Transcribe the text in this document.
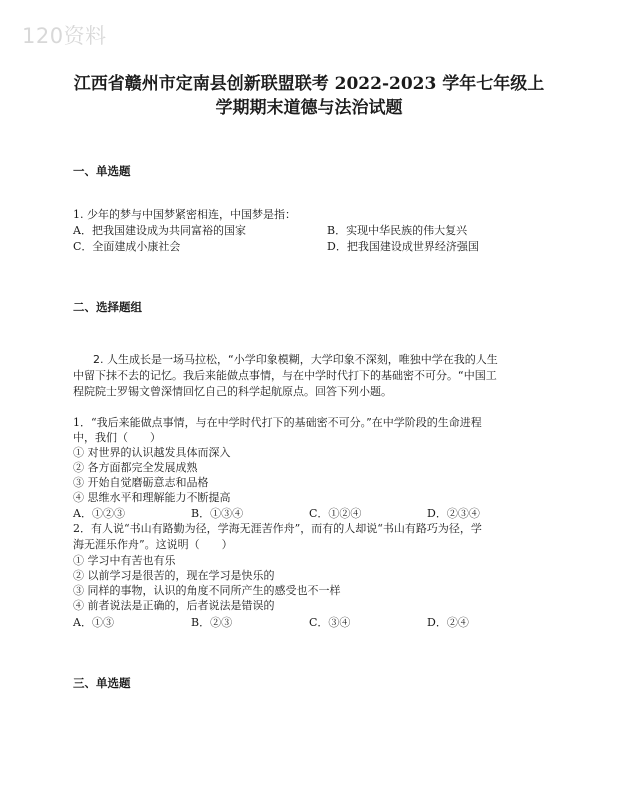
120资料
江西省赣州市定南县创新联盟联考 2022-2023 学年七年级上
学期期末道德与法治试题
一、单选题
1. 少年的梦与中国梦紧密相连，中国梦是指：
A．把我国建设成为共同富裕的国家	B．实现中华民族的伟大复兴
C．全面建成小康社会	D．把我国建设成世界经济强国
二、选择题组
2. 人生成长是一场马拉松，“小学印象模糊，大学印象不深刻，唯独中学在我的人生
中留下抹不去的记忆。我后来能做点事情，与在中学时代打下的基础密不可分。“中国工
程院院士罗锡文曾深情回忆自己的科学起航原点。回答下列小题。
1．“我后来能做点事情，与在中学时代打下的基础密不可分。”在中学阶段的生命进程
中，我们（　　）
① 对世界的认识越发具体而深入
② 各方面都完全发展成熟
③ 开始自觉磨砺意志和品格
④ 思维水平和理解能力不断提高
A．①②③	B．①③④	C．①②④	D．②③④
2．有人说“书山有路勤为径，学海无涯苦作舟”，而有的人却说“书山有路巧为径，学
海无涯乐作舟”。这说明（　　）
① 学习中有苦也有乐
② 以前学习是很苦的，现在学习是快乐的
③ 同样的事物，认识的角度不同所产生的感受也不一样
④ 前者说法是正确的，后者说法是错误的
A．①③	B．②③	C．③④	D．②④
三、单选题
